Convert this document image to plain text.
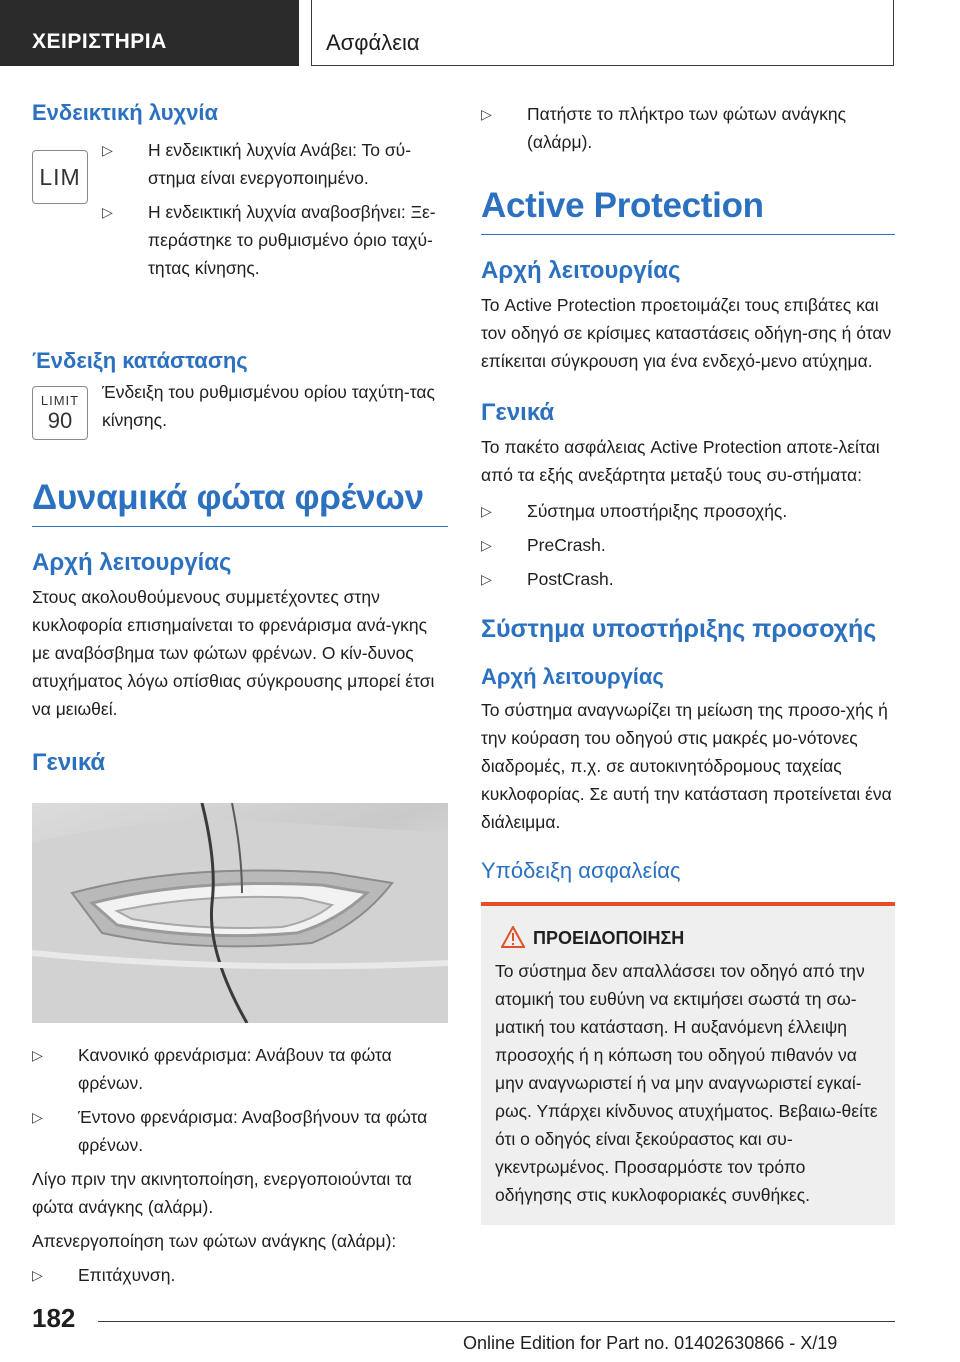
ΧΕΙΡΙΣΤΗΡΙΑ	Ασφάλεια
Ενδεικτική λυχνία
LIM
▷ Η ενδεικτική λυχνία Ανάβει: Το σύ-στημα είναι ενεργοποιημένο.
▷ Η ενδεικτική λυχνία αναβοσβήνει: Ξε-περάστηκε το ρυθμισμένο όριο ταχύ-τητας κίνησης.
Ένδειξη κατάστασης
LIMIT
90
Ένδειξη του ρυθμισμένου ορίου ταχύτη-τας κίνησης.
Δυναμικά φώτα φρένων
Αρχή λειτουργίας
Στους ακολουθούμενους συμμετέχοντες στην κυκλοφορία επισημαίνεται το φρενάρισμα ανά-γκης με αναβόσβημα των φώτων φρένων. Ο κίν-δυνος ατυχήματος λόγω οπίσθιας σύγκρουσης μπορεί έτσι να μειωθεί.
Γενικά
▷ Κανονικό φρενάρισμα: Ανάβουν τα φώτα φρένων.
▷ Έντονο φρενάρισμα: Αναβοσβήνουν τα φώτα φρένων.
Λίγο πριν την ακινητοποίηση, ενεργοποιούνται τα φώτα ανάγκης (αλάρμ).
Απενεργοποίηση των φώτων ανάγκης (αλάρμ):
▷ Επιτάχυνση.
▷ Πατήστε το πλήκτρο των φώτων ανάγκης (αλάρμ).
Active Protection
Αρχή λειτουργίας
Το Active Protection προετοιμάζει τους επιβάτες και τον οδηγό σε κρίσιμες καταστάσεις οδήγη-σης ή όταν επίκειται σύγκρουση για ένα ενδεχό-μενο ατύχημα.
Γενικά
Το πακέτο ασφάλειας Active Protection αποτε-λείται από τα εξής ανεξάρτητα μεταξύ τους συ-στήματα:
▷ Σύστημα υποστήριξης προσοχής.
▷ PreCrash.
▷ PostCrash.
Σύστημα υποστήριξης προσοχής
Αρχή λειτουργίας
Το σύστημα αναγνωρίζει τη μείωση της προσο-χής ή την κούραση του οδηγού στις μακρές μο-νότονες διαδρομές, π.χ. σε αυτοκινητόδρομους ταχείας κυκλοφορίας. Σε αυτή την κατάσταση προτείνεται ένα διάλειμμα.
Υπόδειξη ασφαλείας
ΠΡΟΕΙΔΟΠΟΙΗΣΗ
Το σύστημα δεν απαλλάσσει τον οδηγό από την ατομική του ευθύνη να εκτιμήσει σωστά τη σω-ματική του κατάσταση. Η αυξανόμενη έλλειψη προσοχής ή η κόπωση του οδηγού πιθανόν να μην αναγνωριστεί ή να μην αναγνωριστεί εγκαί-ρως. Υπάρχει κίνδυνος ατυχήματος. Βεβαιω-θείτε ότι ο οδηγός είναι ξεκούραστος και συ-γκεντρωμένος. Προσαρμόστε τον τρόπο οδήγησης στις κυκλοφοριακές συνθήκες.
182
Online Edition for Part no. 01402630866 - X/19
